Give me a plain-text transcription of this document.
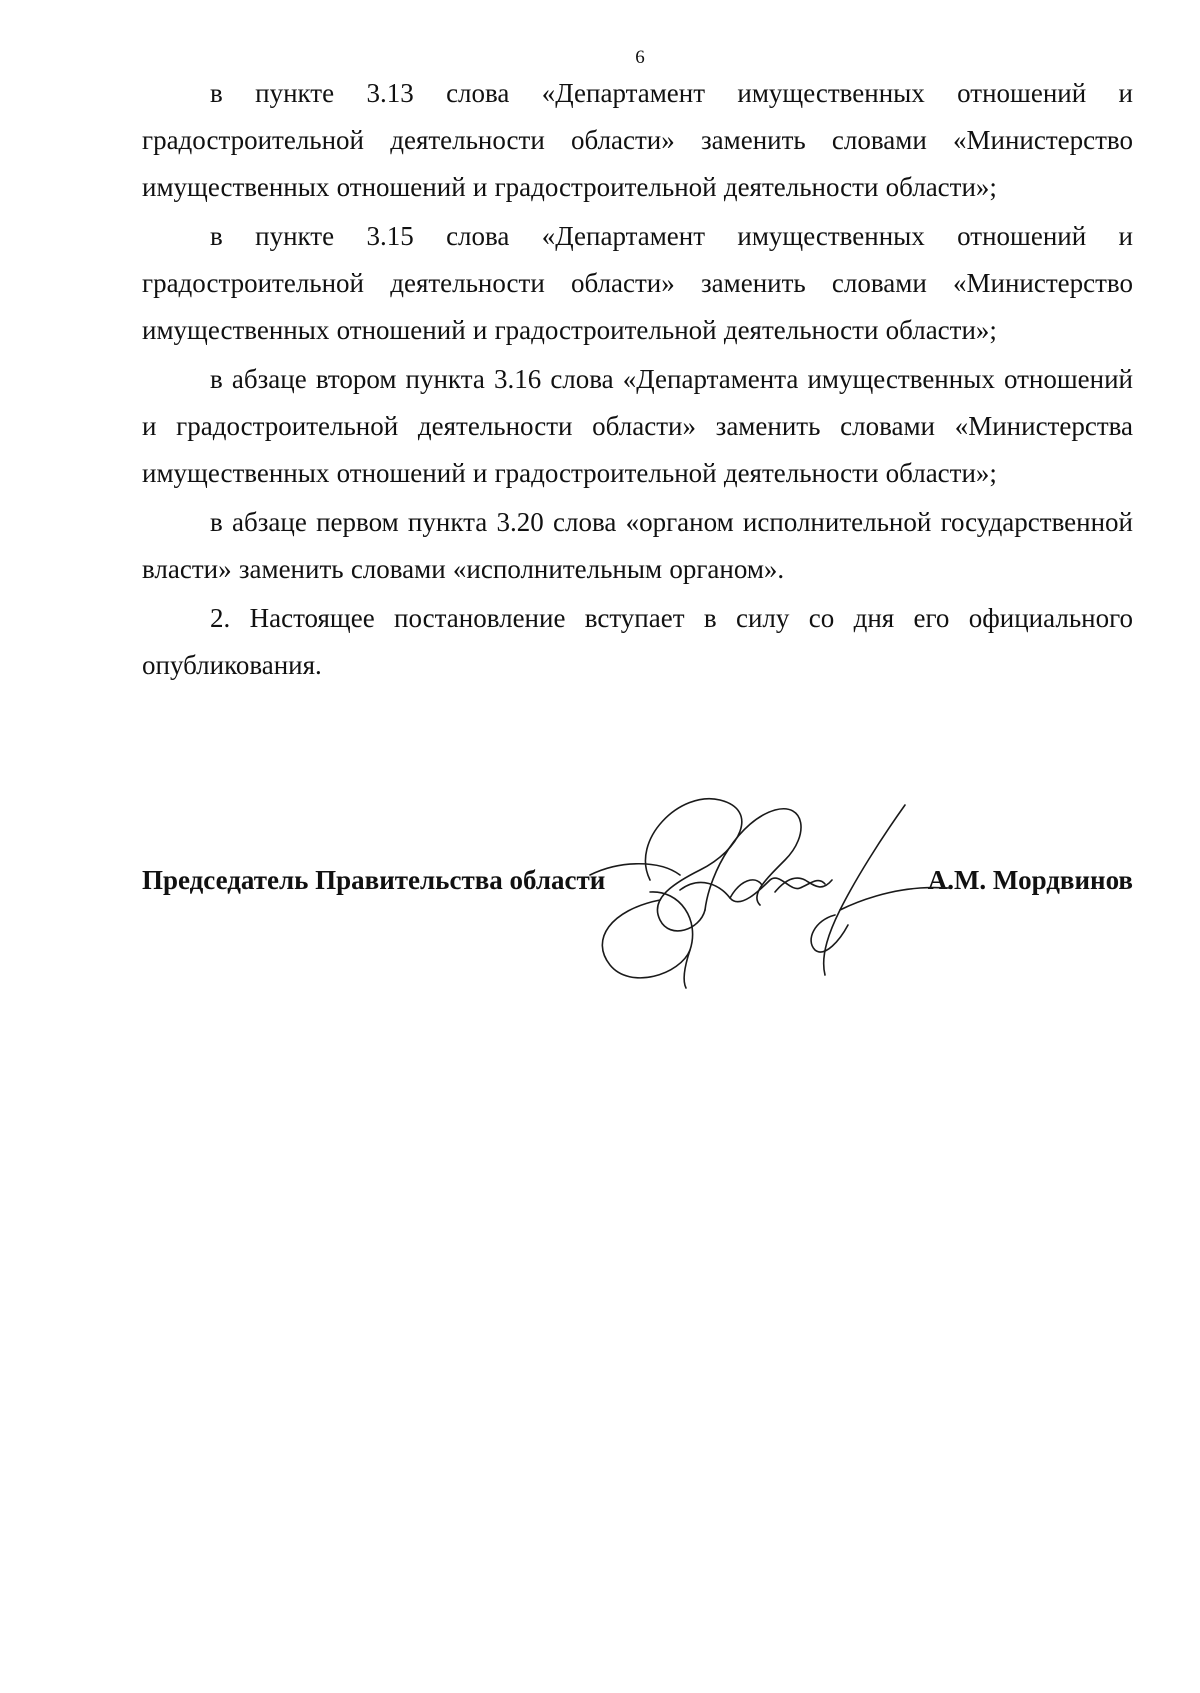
6

в пункте 3.13 слова «Департамент имущественных отношений и градостроительной деятельности области» заменить словами «Министерство имущественных отношений и градостроительной деятельности области»;

в пункте 3.15 слова «Департамент имущественных отношений и градостроительной деятельности области» заменить словами «Министерство имущественных отношений и градостроительной деятельности области»;

в абзаце втором пункта 3.16 слова «Департамента имущественных отношений и градостроительной деятельности области» заменить словами «Министерства имущественных отношений и градостроительной деятельности области»;

в абзаце первом пункта 3.20 слова «органом исполнительной государственной власти» заменить словами «исполнительным органом».

2. Настоящее постановление вступает в силу со дня его официального опубликования.

Председатель Правительства области	А.М. Мордвинов
